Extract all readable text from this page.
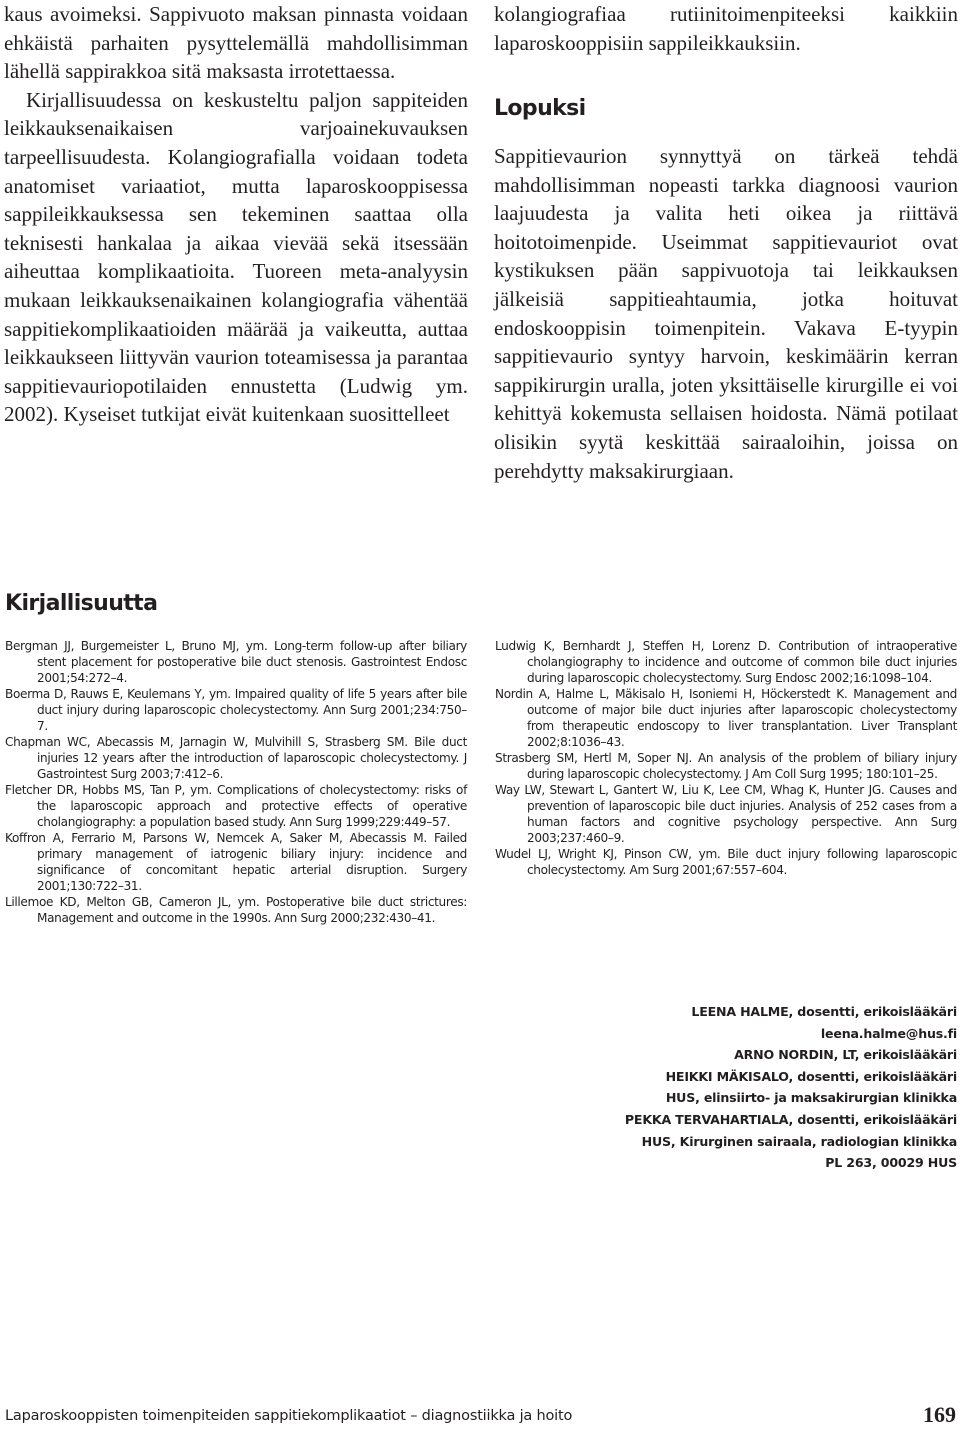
kaus avoimeksi. Sappivuoto maksan pinnasta voidaan ehkäistä parhaiten pysyttelemällä mahdollisimman lähellä sappirakkoa sitä maksasta irrotettaessa.

Kirjallisuudessa on keskusteltu paljon sappiteiden leikkauksenaikaisen varjoainekuvauksen tarpeellisuudesta. Kolangiografialla voidaan todeta anatomiset variaatiot, mutta laparoskooppisessa sappileikkauksessa sen tekeminen saattaa olla teknisesti hankalaa ja aikaa vievää sekä itsessään aiheuttaa komplikaatioita. Tuoreen meta-analyysin mukaan leikkauksenaikainen kolangiografia vähentää sappitiekomplikaatioiden määrää ja vaikeutta, auttaa leikkaukseen liittyvän vaurion toteamisessa ja parantaa sappitievauriopotilaiden ennustetta (Ludwig ym. 2002). Kyseiset tutkijat eivät kuitenkaan suosittelleet

kolangiografiaa rutiinitoimenpiteeksi kaikkiin laparoskooppisiin sappileikkauksiin.

Lopuksi

Sappitievaurion synnyttyä on tärkeä tehdä mahdollisimman nopeasti tarkka diagnoosi vaurion laajuudesta ja valita heti oikea ja riittävä hoitotoimenpide. Useimmat sappitievauriot ovat kystikuksen pään sappivuotoja tai leikkauksen jälkeisiä sappitieahtaumia, jotka hoituvat endoskooppisin toimenpitein. Vakava E-tyypin sappitievaurio syntyy harvoin, keskimäärin kerran sappikirurgin uralla, joten yksittäiselle kirurgille ei voi kehittyä kokemusta sellaisen hoidosta. Nämä potilaat olisikin syytä keskittää sairaaloihin, joissa on perehdytty maksakirurgiaan.

Kirjallisuutta
Bergman JJ, Burgemeister L, Bruno MJ, ym. Long-term follow-up after biliary stent placement for postoperative bile duct stenosis. Gastrointest Endosc 2001;54:272–4.
Boerma D, Rauws E, Keulemans Y, ym. Impaired quality of life 5 years after bile duct injury during laparoscopic cholecystectomy. Ann Surg 2001;234:750–7.
Chapman WC, Abecassis M, Jarnagin W, Mulvihill S, Strasberg SM. Bile duct injuries 12 years after the introduction of laparoscopic cholecystectomy. J Gastrointest Surg 2003;7:412–6.
Fletcher DR, Hobbs MS, Tan P, ym. Complications of cholecystectomy: risks of the laparoscopic approach and protective effects of operative cholangiography: a population based study. Ann Surg 1999;229:449–57.
Koffron A, Ferrario M, Parsons W, Nemcek A, Saker M, Abecassis M. Failed primary management of iatrogenic biliary injury: incidence and significance of concomitant hepatic arterial disruption. Surgery 2001;130:722–31.
Lillemoe KD, Melton GB, Cameron JL, ym. Postoperative bile duct strictures: Management and outcome in the 1990s. Ann Surg 2000;232:430–41.
Ludwig K, Bernhardt J, Steffen H, Lorenz D. Contribution of intraoperative cholangiography to incidence and outcome of common bile duct injuries during laparoscopic cholecystectomy. Surg Endosc 2002;16:1098–104.
Nordin A, Halme L, Mäkisalo H, Isoniemi H, Höckerstedt K. Management and outcome of major bile duct injuries after laparoscopic cholecystectomy from therapeutic endoscopy to liver transplantation. Liver Transplant 2002;8:1036–43.
Strasberg SM, Hertl M, Soper NJ. An analysis of the problem of biliary injury during laparoscopic cholecystectomy. J Am Coll Surg 1995; 180:101–25.
Way LW, Stewart L, Gantert W, Liu K, Lee CM, Whag K, Hunter JG. Causes and prevention of laparoscopic bile duct injuries. Analysis of 252 cases from a human factors and cognitive psychology perspective. Ann Surg 2003;237:460–9.
Wudel LJ, Wright KJ, Pinson CW, ym. Bile duct injury following laparoscopic cholecystectomy. Am Surg 2001;67:557–604.
LEENA HALME, dosentti, erikoislääkäri
leena.halme@hus.fi
ARNO NORDIN, LT, erikoislääkäri
HEIKKI MÄKISALO, dosentti, erikoislääkäri
HUS, elinsiirto- ja maksakirurgian klinikka
PEKKA TERVAHARTIALA, dosentti, erikoislääkäri
HUS, Kirurginen sairaala, radiologian klinikka
PL 263, 00029 HUS
Laparoskooppisten toimenpiteiden sappitiekomplikaatiot – diagnostiikka ja hoito	169
